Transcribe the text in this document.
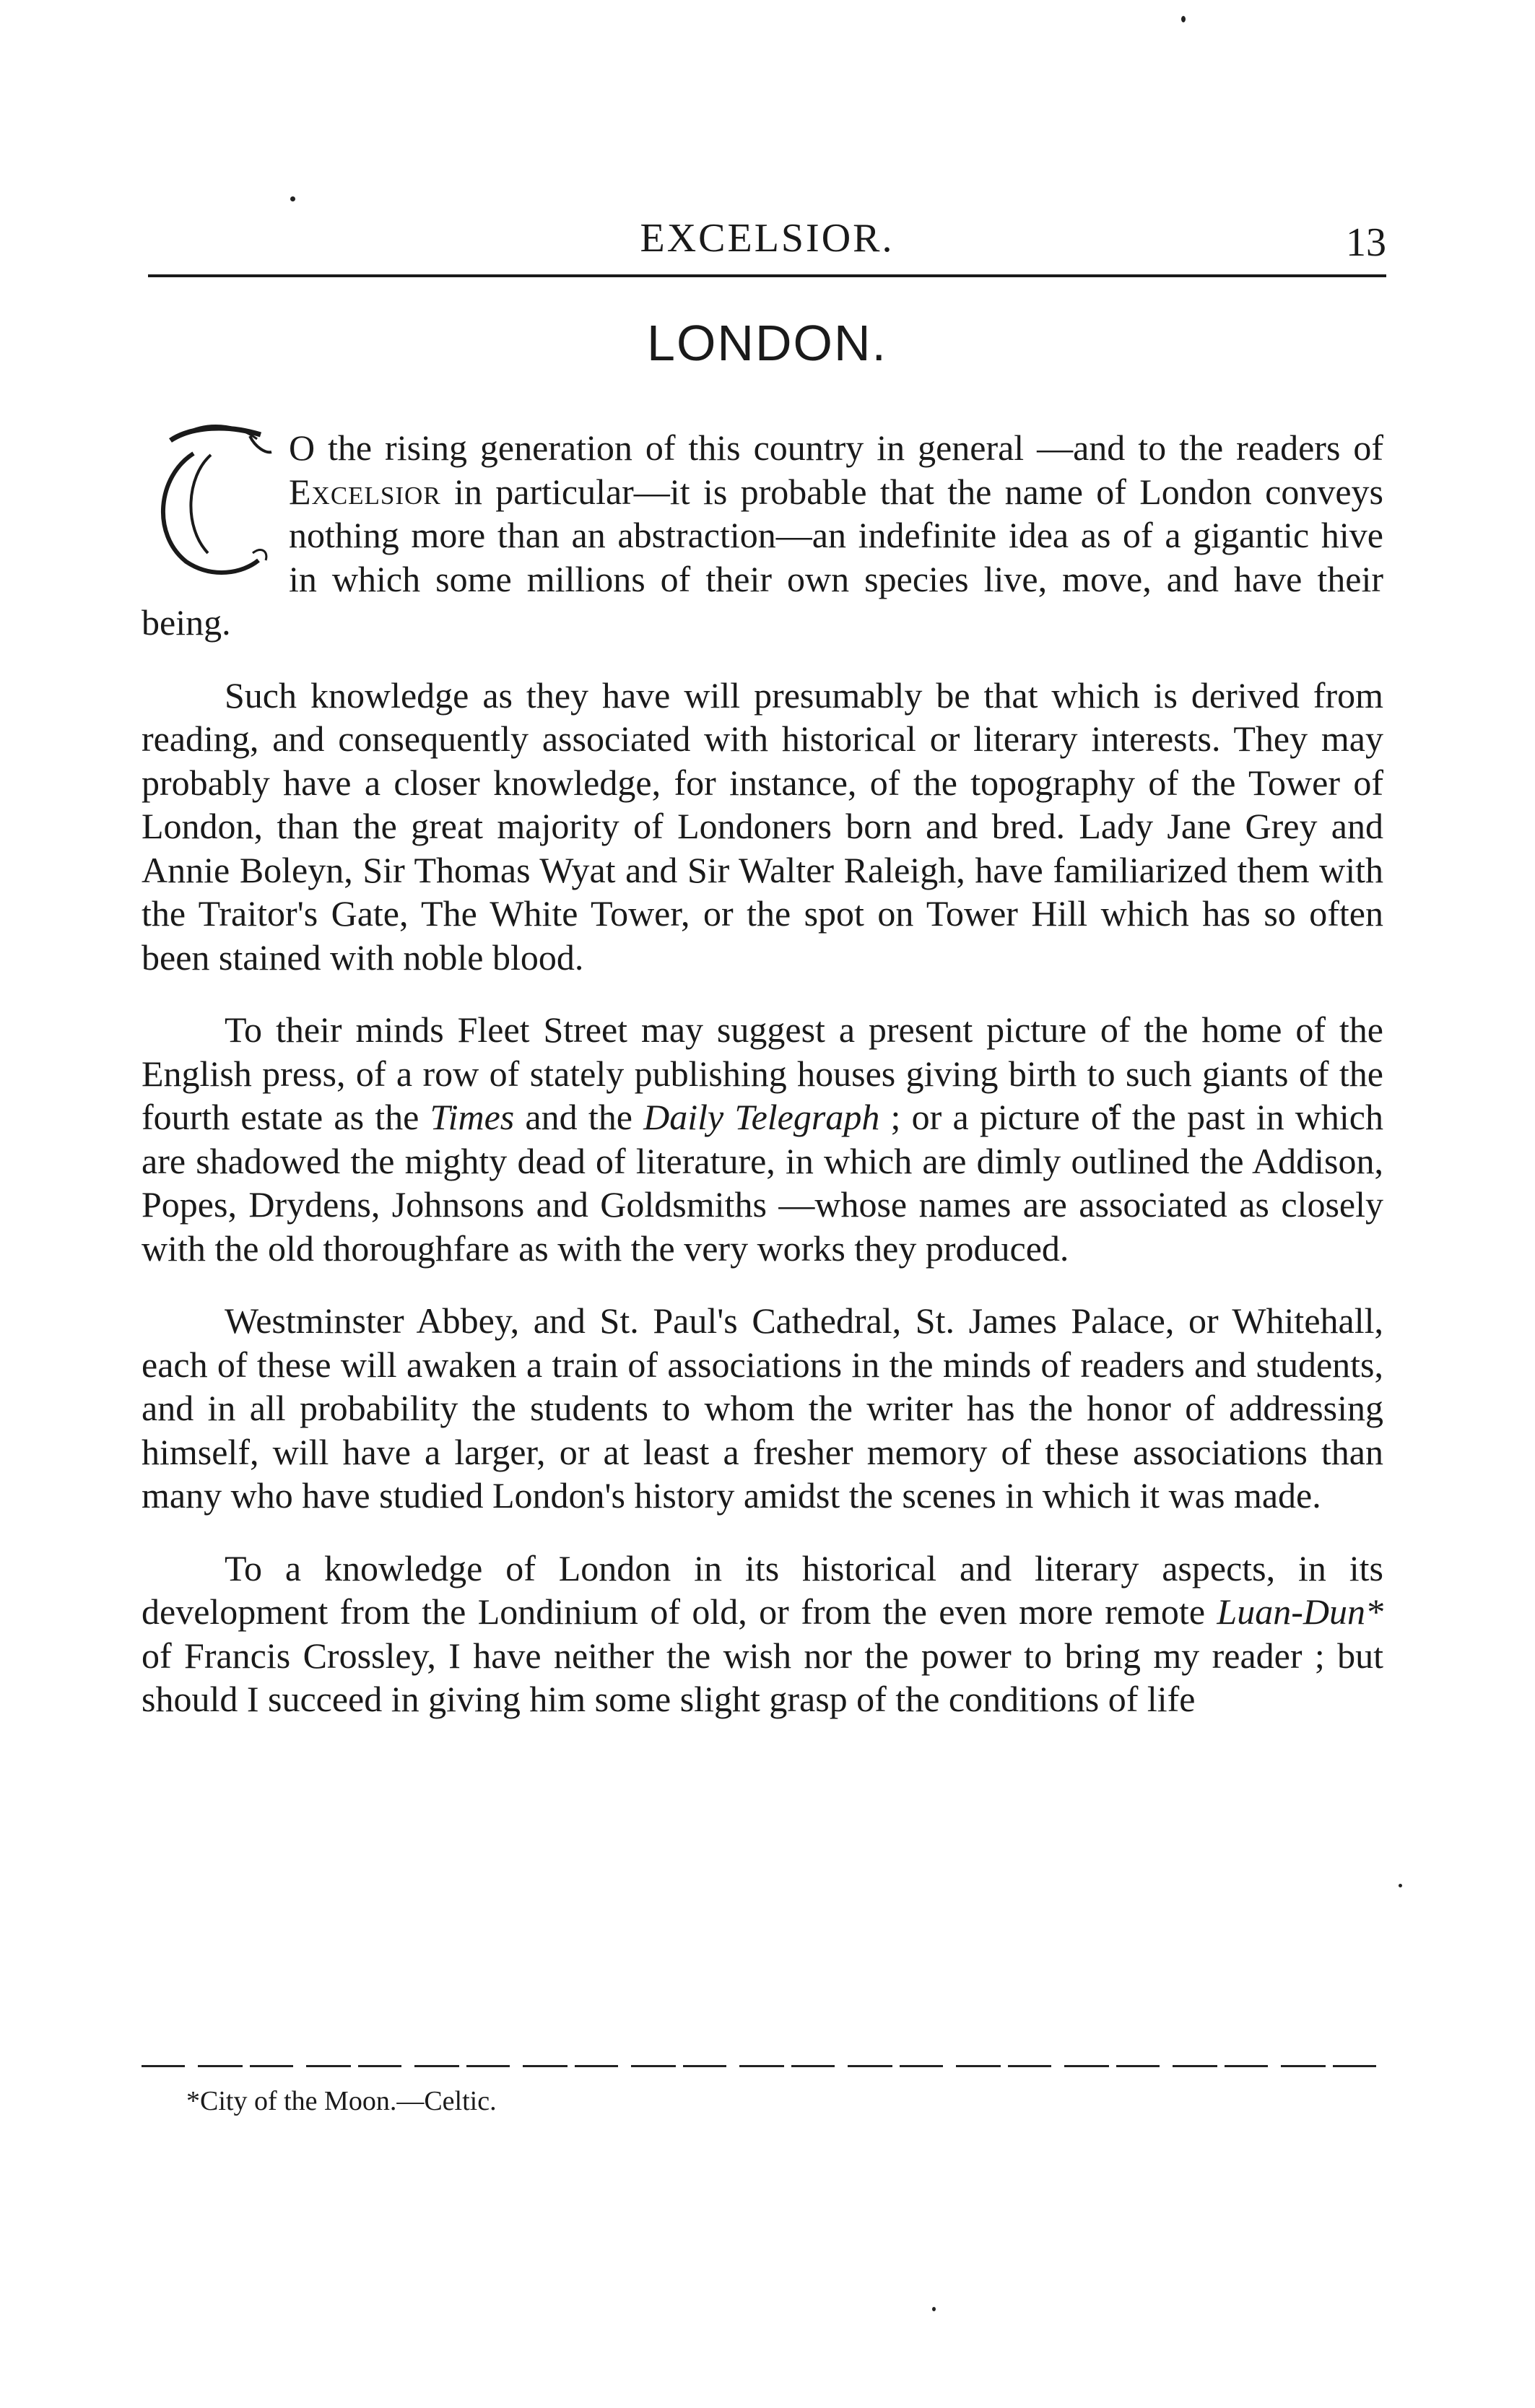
EXCELSIOR.	13
LONDON.

O the rising generation of this country in general —and to the readers of Excelsior in particular—it is probable that the name of London conveys nothing more than an abstraction—an indefinite idea as of a gigantic hive in which some millions of their own species live, move, and have their being.

Such knowledge as they have will presumably be that which is derived from reading, and consequently associated with historical or literary interests. They may probably have a closer knowledge, for instance, of the topography of the Tower of London, than the great majority of Londoners born and bred. Lady Jane Grey and Annie Boleyn, Sir Thomas Wyat and Sir Walter Raleigh, have familiarized them with the Traitor's Gate, The White Tower, or the spot on Tower Hill which has so often been stained with noble blood.

To their minds Fleet Street may suggest a present picture of the home of the English press, of a row of stately publishing houses giving birth to such giants of the fourth estate as the Times and the Daily Telegraph ; or a picture of the past in which are shadowed the mighty dead of literature, in which are dimly outlined the Addison, Popes, Drydens, Johnsons and Goldsmiths —whose names are associated as closely with the old thoroughfare as with the very works they produced.

Westminster Abbey, and St. Paul's Cathedral, St. James Palace, or Whitehall, each of these will awaken a train of associations in the minds of readers and students, and in all probability the students to whom the writer has the honor of addressing himself, will have a larger, or at least a fresher memory of these associations than many who have studied London's history amidst the scenes in which it was made.

To a knowledge of London in its historical and literary aspects, in its development from the Londinium of old, or from the even more remote Luan-Dun* of Francis Crossley, I have neither the wish nor the power to bring my reader ; but should I succeed in giving him some slight grasp of the conditions of life

*City of the Moon.—Celtic.
